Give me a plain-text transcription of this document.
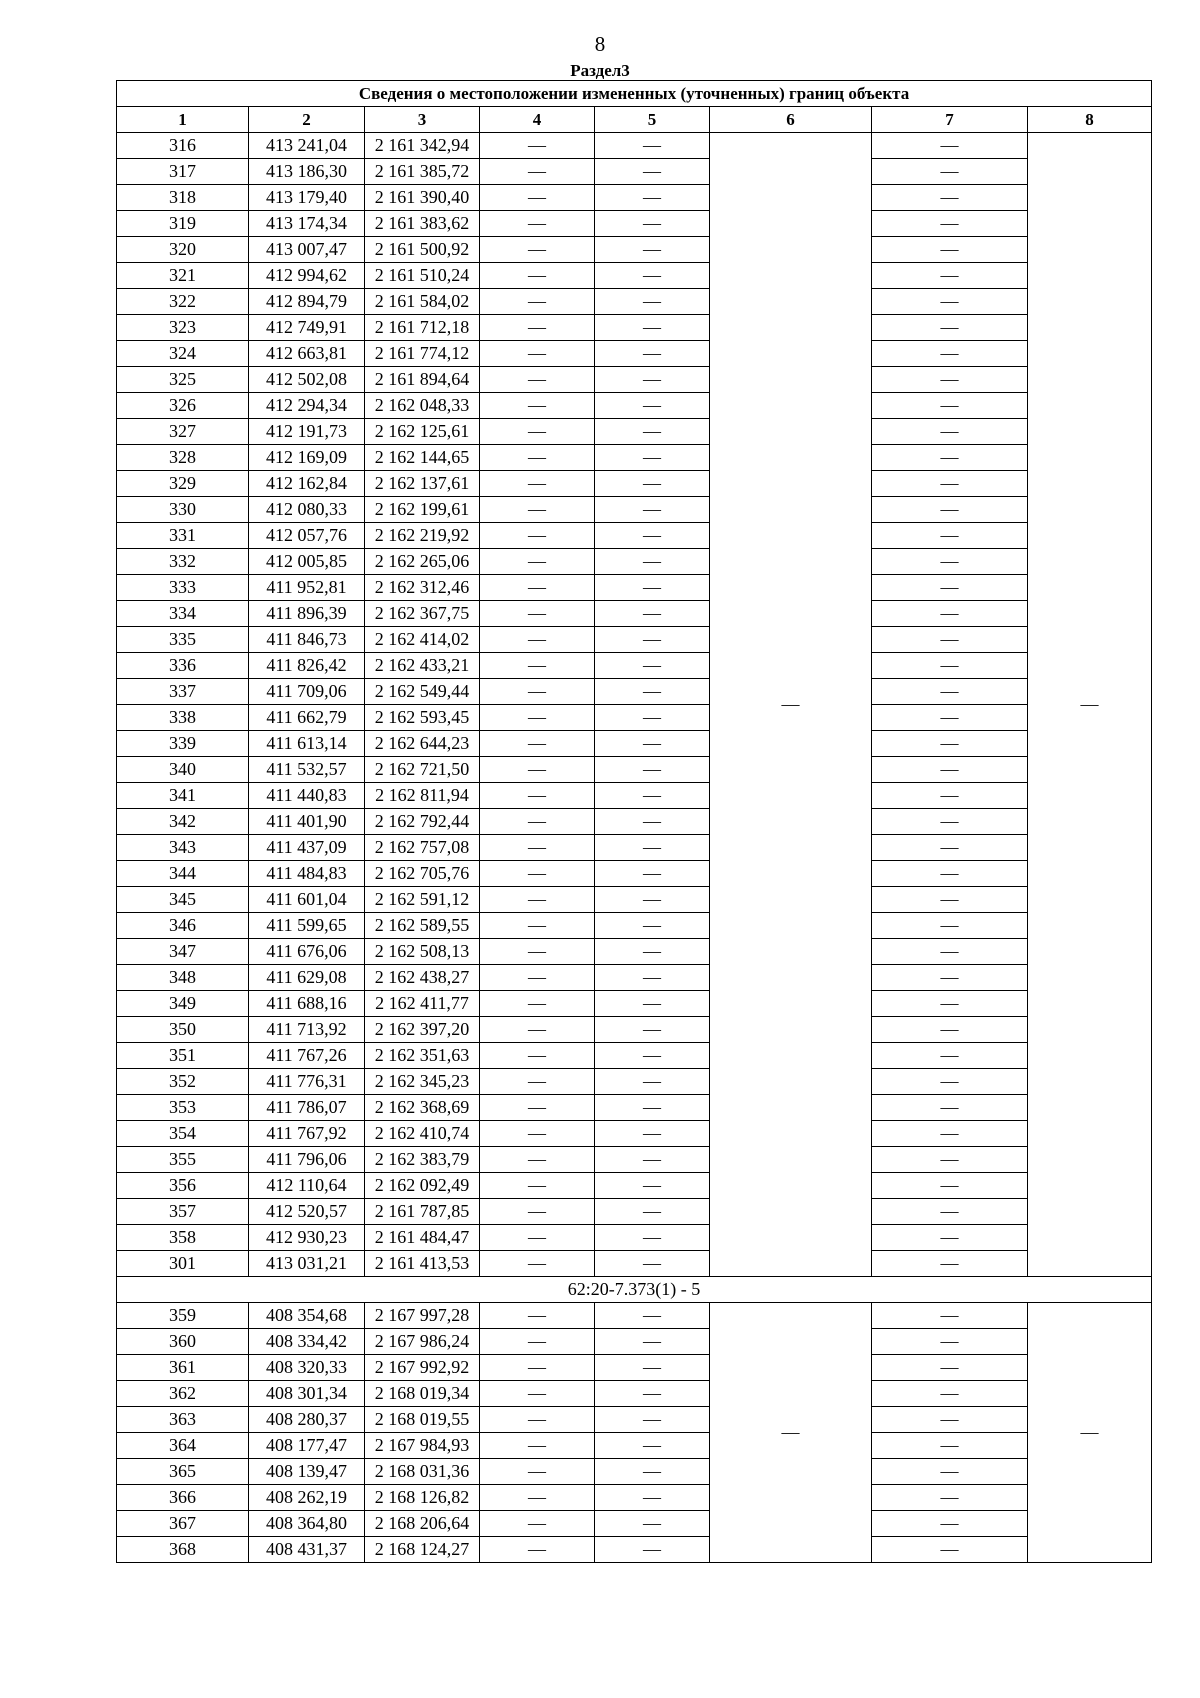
8
Раздел3
Сведения о местоположении измененных (уточненных) границ объекта							
1	2	3	4	5	6	7	8
316	413 241,04	2 161 342,94	—	—	—	—	—
317	413 186,30	2 161 385,72	—	—		—	
318	413 179,40	2 161 390,40	—	—		—	
319	413 174,34	2 161 383,62	—	—		—	
320	413 007,47	2 161 500,92	—	—		—	
321	412 994,62	2 161 510,24	—	—		—	
322	412 894,79	2 161 584,02	—	—		—	
323	412 749,91	2 161 712,18	—	—		—	
324	412 663,81	2 161 774,12	—	—		—	
325	412 502,08	2 161 894,64	—	—		—	
326	412 294,34	2 162 048,33	—	—		—	
327	412 191,73	2 162 125,61	—	—		—	
328	412 169,09	2 162 144,65	—	—		—	
329	412 162,84	2 162 137,61	—	—		—	
330	412 080,33	2 162 199,61	—	—		—	
331	412 057,76	2 162 219,92	—	—		—	
332	412 005,85	2 162 265,06	—	—		—	
333	411 952,81	2 162 312,46	—	—		—	
334	411 896,39	2 162 367,75	—	—		—	
335	411 846,73	2 162 414,02	—	—		—	
336	411 826,42	2 162 433,21	—	—		—	
337	411 709,06	2 162 549,44	—	—		—	
338	411 662,79	2 162 593,45	—	—		—	
339	411 613,14	2 162 644,23	—	—		—	
340	411 532,57	2 162 721,50	—	—		—	
341	411 440,83	2 162 811,94	—	—		—	
342	411 401,90	2 162 792,44	—	—		—	
343	411 437,09	2 162 757,08	—	—		—	
344	411 484,83	2 162 705,76	—	—		—	
345	411 601,04	2 162 591,12	—	—		—	
346	411 599,65	2 162 589,55	—	—		—	
347	411 676,06	2 162 508,13	—	—		—	
348	411 629,08	2 162 438,27	—	—		—	
349	411 688,16	2 162 411,77	—	—		—	
350	411 713,92	2 162 397,20	—	—		—	
351	411 767,26	2 162 351,63	—	—		—	
352	411 776,31	2 162 345,23	—	—		—	
353	411 786,07	2 162 368,69	—	—		—	
354	411 767,92	2 162 410,74	—	—		—	
355	411 796,06	2 162 383,79	—	—		—	
356	412 110,64	2 162 092,49	—	—		—	
357	412 520,57	2 161 787,85	—	—		—	
358	412 930,23	2 161 484,47	—	—		—	
301	413 031,21	2 161 413,53	—	—		—	
62:20-7.373(1) - 5							
359	408 354,68	2 167 997,28	—	—	—	—	—
360	408 334,42	2 167 986,24	—	—		—	
361	408 320,33	2 167 992,92	—	—		—	
362	408 301,34	2 168 019,34	—	—		—	
363	408 280,37	2 168 019,55	—	—		—	
364	408 177,47	2 167 984,93	—	—		—	
365	408 139,47	2 168 031,36	—	—		—	
366	408 262,19	2 168 126,82	—	—		—	
367	408 364,80	2 168 206,64	—	—		—	
368	408 431,37	2 168 124,27	—	—		—	
